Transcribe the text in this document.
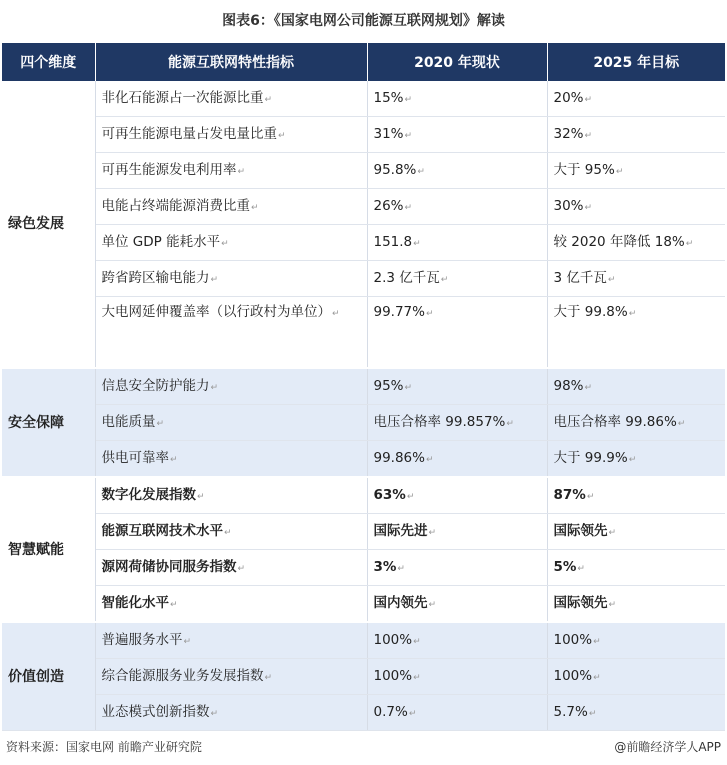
图表6：《国家电网公司能源互联网规划》解读
四个维度	能源互联网特性指标	2020 年现状	2025 年目标
绿色发展	非化石能源占一次能源比重↵	15%↵	20%↵
	可再生能源电量占发电量比重↵	31%↵	32%↵
	可再生能源发电利用率↵	95.8%↵	大于 95%↵
	电能占终端能源消费比重↵	26%↵	30%↵
	单位 GDP 能耗水平↵	151.8↵	较 2020 年降低 18%↵
	跨省跨区输电能力↵	2.3 亿千瓦↵	3 亿千瓦↵
	大电网延伸覆盖率（以行政村为单位）↵	99.77%↵	大于 99.8%↵
安全保障	信息安全防护能力↵	95%↵	98%↵
	电能质量↵	电压合格率 99.857%↵	电压合格率 99.86%↵
	供电可靠率↵	99.86%↵	大于 99.9%↵
智慧赋能	数字化发展指数↵	63%↵	87%↵
	能源互联网技术水平↵	国际先进↵	国际领先↵
	源网荷储协同服务指数↵	3%↵	5%↵
	智能化水平↵	国内领先↵	国际领先↵
价值创造	普遍服务水平↵	100%↵	100%↵
	综合能源服务业务发展指数↵	100%↵	100%↵
	业态模式创新指数↵	0.7%↵	5.7%↵
资料来源：国家电网 前瞻产业研究院	@前瞻经济学人APP
